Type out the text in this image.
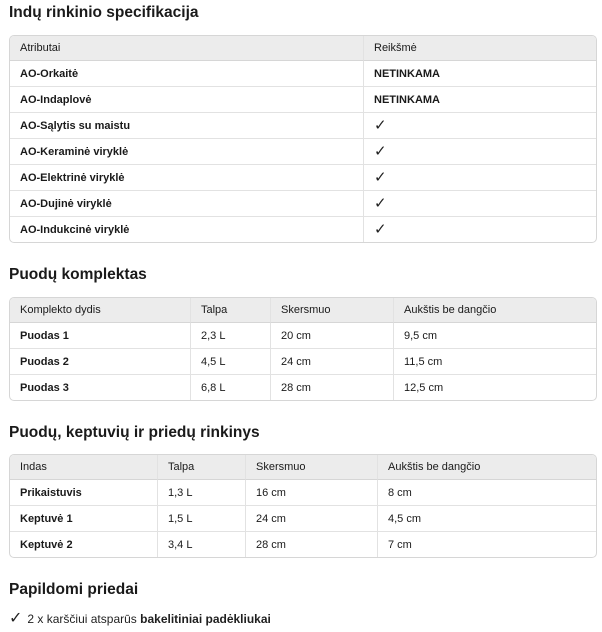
Indų rinkinio specifikacija
Atributai	Reikšmė
AO-Orkaitė	NETINKAMA
AO-Indaplovė	NETINKAMA
AO-Sąlytis su maistu	✓
AO-Keraminė viryklė	✓
AO-Elektrinė viryklė	✓
AO-Dujinė viryklė	✓
AO-Indukcinė viryklė	✓
Puodų komplektas
Komplekto dydis	Talpa	Skersmuo	Aukštis be dangčio
Puodas 1	2,3 L	20 cm	9,5 cm
Puodas 2	4,5 L	24 cm	11,5 cm
Puodas 3	6,8 L	28 cm	12,5 cm
Puodų, keptuvių ir priedų rinkinys
Indas	Talpa	Skersmuo	Aukštis be dangčio
Prikaistuvis	1,3 L	16 cm	8 cm
Keptuvė 1	1,5 L	24 cm	4,5 cm
Keptuvė 2	3,4 L	28 cm	7 cm
Papildomi priedai
✓ 2 x karščiui atsparūs bakelitiniai padėkliukai
